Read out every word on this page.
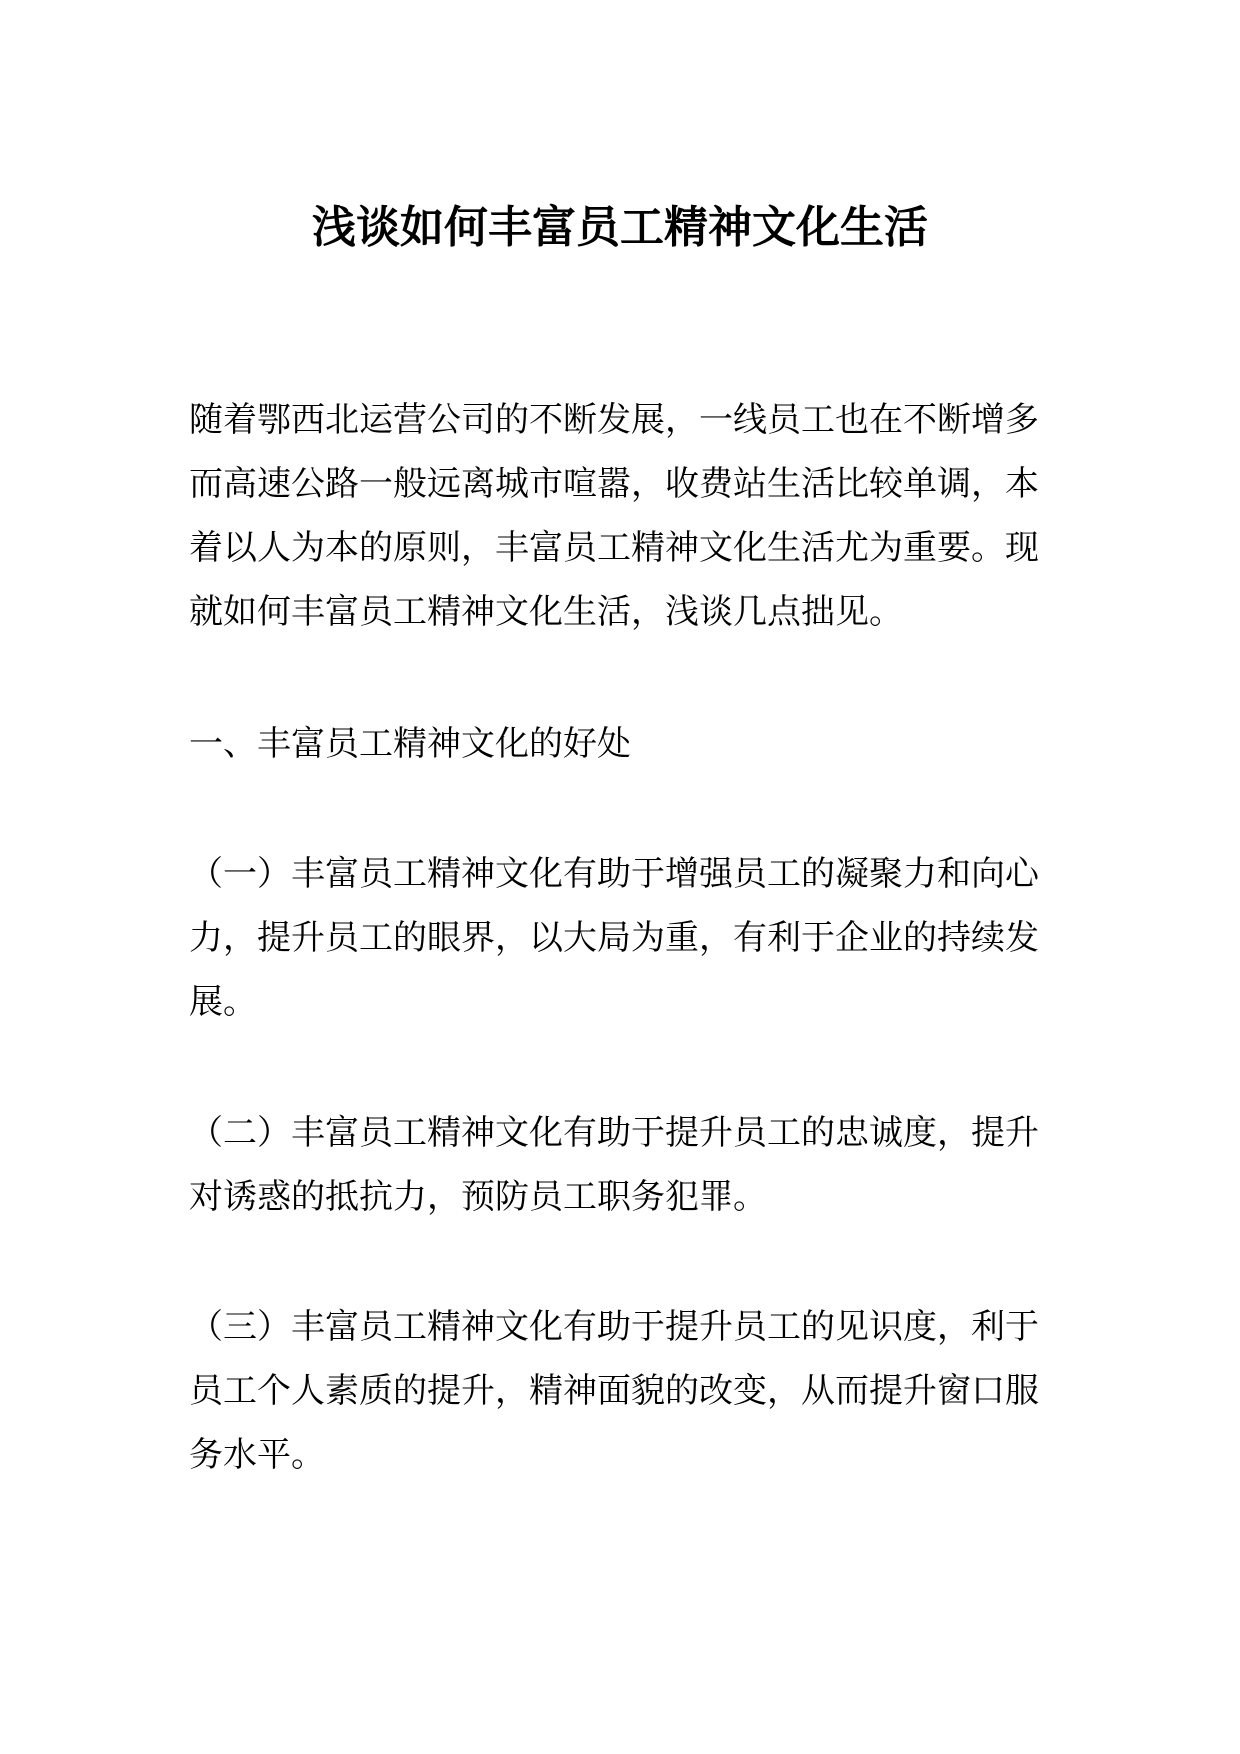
浅谈如何丰富员工精神文化生活

随着鄂西北运营公司的不断发展，一线员工也在不断增多
而高速公路一般远离城市喧嚣，收费站生活比较单调，本
着以人为本的原则，丰富员工精神文化生活尤为重要。现
就如何丰富员工精神文化生活，浅谈几点拙见。

一、丰富员工精神文化的好处

（一）丰富员工精神文化有助于增强员工的凝聚力和向心
力，提升员工的眼界，以大局为重，有利于企业的持续发
展。

（二）丰富员工精神文化有助于提升员工的忠诚度，提升
对诱惑的抵抗力，预防员工职务犯罪。

（三）丰富员工精神文化有助于提升员工的见识度，利于
员工个人素质的提升，精神面貌的改变，从而提升窗口服
务水平。
